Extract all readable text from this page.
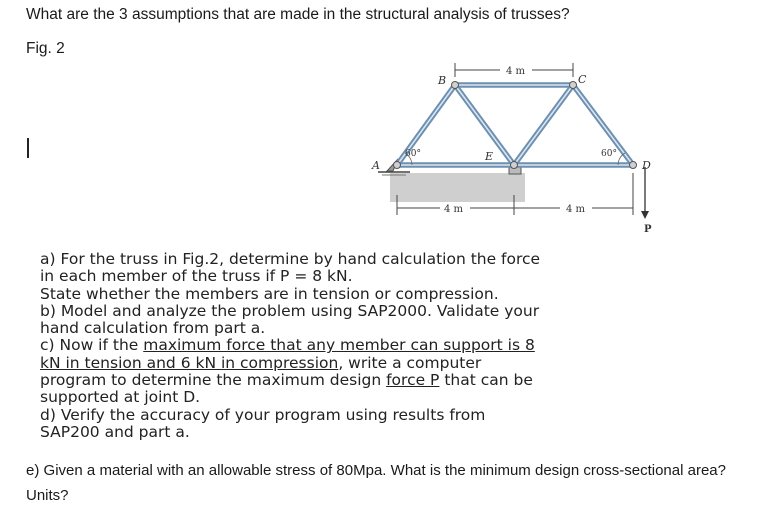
What are the 3 assumptions that are made in the structural analysis of trusses?
Fig. 2
4 m
4 m	4 m
60°	60°
A
B	C
D
E
P
a) For the truss in Fig.2, determine by hand calculation the force
in each member of the truss if P = 8 kN.
State whether the members are in tension or compression.
b) Model and analyze the problem using SAP2000. Validate your
hand calculation from part a.
c) Now if the maximum force that any member can support is 8
kN in tension and 6 kN in compression, write a computer
program to determine the maximum design force P that can be
supported at joint D.
d) Verify the accuracy of your program using results from
SAP200 and part a.
e) Given a material with an allowable stress of 80Mpa. What is the minimum design cross-sectional area? Units?
